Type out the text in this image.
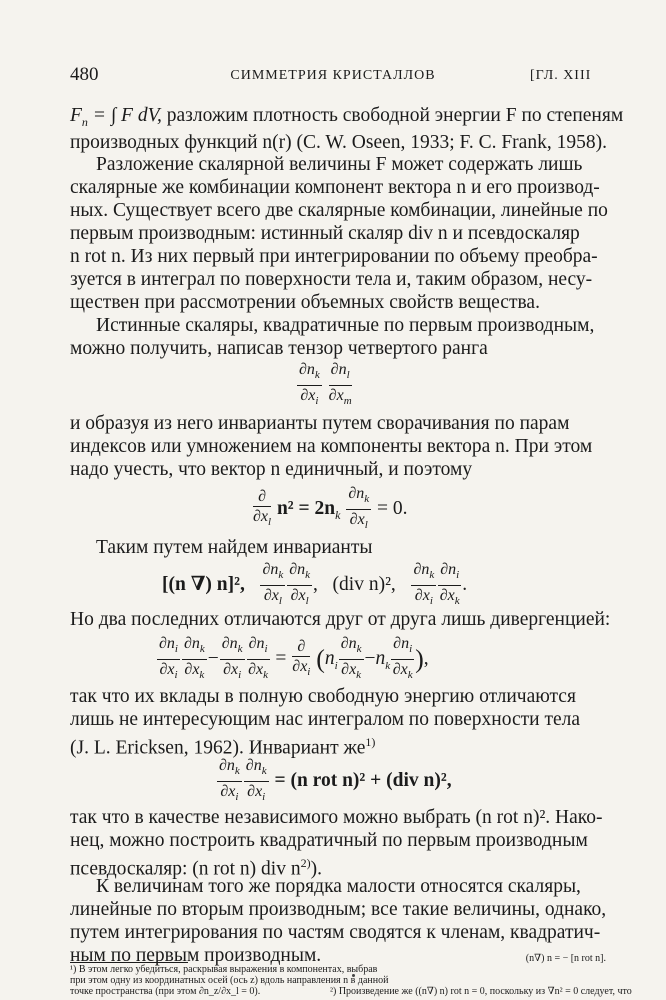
480	СИММЕТРИЯ КРИСТАЛЛОВ	[ГЛ. XIII
$F_n$ = ∫ F dV, разложим плотность свободной энергии F по степеням
производных функций n(r) (C. W. Oseen, 1933; F. C. Frank, 1958).
Разложение скалярной величины F может содержать лишь
скалярные же комбинации компонент вектора n и его производ-
ных. Существует всего две скалярные комбинации, линейные по
первым производным: истинный скаляр div n и псевдоскаляр
n rot n. Из них первый при интегрировании по объему преобра-
зуется в интеграл по поверхности тела и, таким образом, несу-
ществен при рассмотрении объемных свойств вещества.
Истинные скаляры, квадратичные по первым производным,
можно получить, написав тензор четвертого ранга
$\frac{\partial n_k}{\partial x_i}$
$\frac{\partial n_l}{\partial x_m}$
и образуя из него инварианты путем сворачивания по парам
индексов или умножением на компоненты вектора n. При этом
надо учесть, что вектор n единичный, и поэтому
$\frac{\partial}{\partial x_l} n^2 = 2n_k \frac{\partial n_k}{\partial x_l} = 0$.
Таким путем найдем инварианты
[(n ∇) n]², $\frac{\partial n_k}{\partial x_l} \frac{\partial n_k}{\partial x_l}$ , (div n)², $\frac{\partial n_k}{\partial x_i} \frac{\partial n_i}{\partial x_k}$ .
Но два последних отличаются друг от друга лишь дивергенцией:
$\frac{\partial n_i}{\partial x_i} \frac{\partial n_k}{\partial x_k} - \frac{\partial n_k}{\partial x_i} \frac{\partial n_i}{\partial x_k} = \frac{\partial}{\partial x_i} (n_i \frac{\partial n_k}{\partial x_k} -n_k \frac{\partial n_i}{\partial x_k}$ ),
так что их вклады в полную свободную энергию отличаются
лишь не интересующим нас интегралом по поверхности тела
(J. L. Ericksen, 1962). Инвариант $же^{1)}$
$\frac{\partial n_k}{\partial x_i} \frac{\partial n_k}{\partial x_i} = (n$ rot n)² + (div n)²,
так что в качестве независимого можно выбрать (n rot n)². Нако-
нец, можно построить квадратичный по первым производным
псевдоскаляр: (n rot n) div $n^{2)}$).
К величинам того же порядка малости относятся скаляры,
линейные по вторым производным; все такие величины, однако,
путем интегрирования по частям сводятся к членам, квадратич-
ным по первым производным.
¹) В этом легко убедиться, раскрывая выражения в компонентах, выбрав
при этом одну из координатных осей (ось z) вдоль направления n в данной
точке пространства (при этом ∂n_z/∂x_l = 0).	²) Произведение же ((n∇) n) rot n = 0, поскольку из ∇n² = 0 следует, что
(n∇) n = − [n rot n].
